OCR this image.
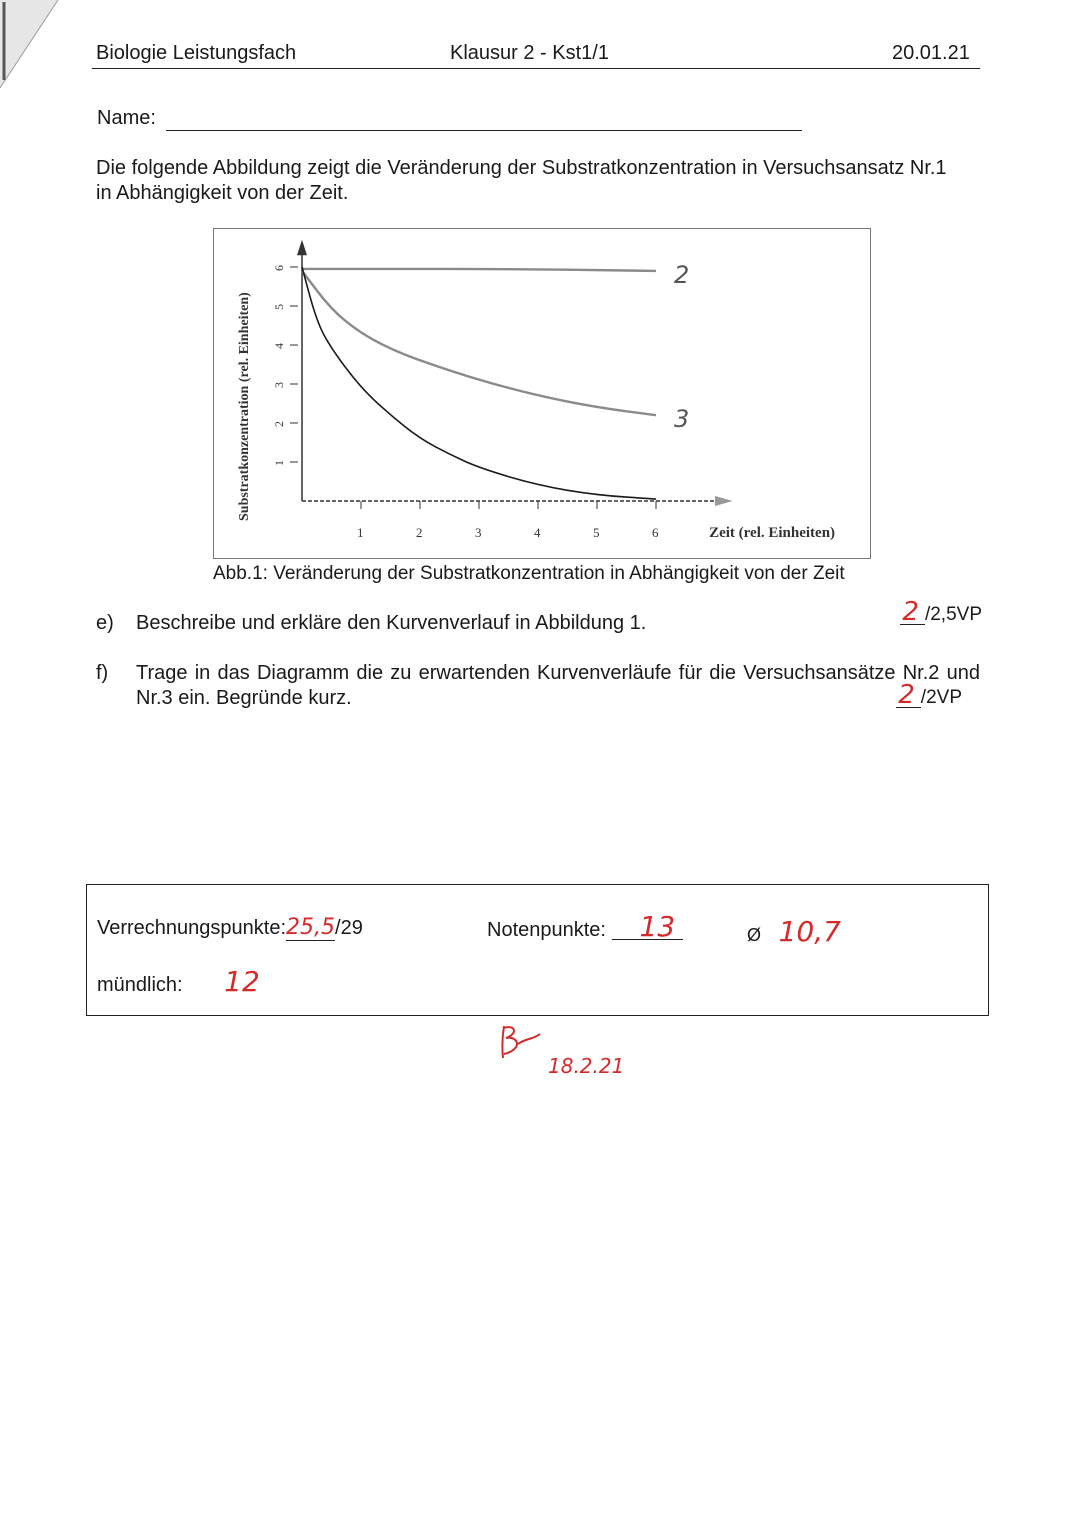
Biologie Leistungsfach	Klausur 2 - Kst1/1	20.01.21
Name:
Die folgende Abbildung zeigt die Veränderung der Substratkonzentration in Versuchsansatz Nr.1 in Abhängigkeit von der Zeit.
1
2
3
4
5
6
1	2	3	4	5	6
Substratkonzentration (rel. Einheiten)
Zeit (rel. Einheiten)
2
3
Abb.1: Veränderung der Substratkonzentration in Abhängigkeit von der Zeit
e) Beschreibe und erkläre den Kurvenverlauf in Abbildung 1.	2 /2,5VP
f)	Trage in das Diagramm die zu erwartenden Kurvenverläufe für die Versuchsansätze Nr.2 und Nr.3 ein. Begründe kurz.	2 /2VP
Verrechnungspunkte:25,5/29	Notenpunkte: 13	Ø 10,7
mündlich: 12
18.2.21
